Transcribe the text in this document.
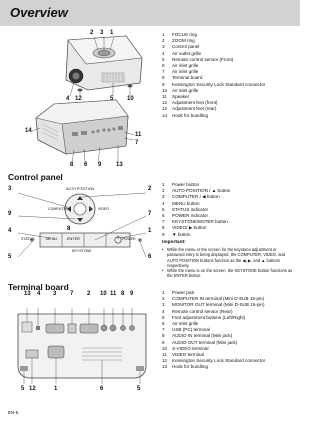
Overview
2 3 1
4 12	5 10
14
11
7
8 6 9 13
1 FOCUS ring
2 ZOOM ring
3 Control panel
4 Air outlet grille
5 Remote control sensor (Front)
6 Air inlet grille
7 Air inlet grille
8 Terminal board
9 Kensington Security Lock Standard connector
10 Air inlet grille
11 Speaker
12 Adjustment feet (front)
13 Adjustment feet (rear)
14 Hook for bundling
Control panel
AUTO POSITION
COMPUTER	VIDEO
STATUS	MENU	ENTER	POWER
KEYSTONE
3	2
9	7
4	1
5	6
8
1 Power button
2 AUTO POSITION / ▲ button
3 COMPUTER / ◀ button
4 MENU button
5 STATUS indicator
6 POWER indicator
7 KEYSTONE/ENTER button
8 VIDEO/ ▶ button
9 ▼ button
Important:
• While the menu or the screen for the keystone adjustment or password entry is being displayed, the COMPUTER, VIDEO, and AUTO POSITION buttons function as the ◀, ▶, and ▲ buttons respectively.
• While the menu is on the screen, the KEYSTONE button functions as the ENTER button.
Terminal board
13 4 3 7 2 10 11 8 9
5 12	1	6	5
1 Power jack
2 COMPUTER IN terminal (Mini D-SUB 15-pin)
3 MONITOR OUT terminal (Mini D-SUB 15-pin)
4 Remote control sensor (Rear)
5 Foot adjustment buttons (Left/Right)
6 Air inlet grille
7 USB (PC) terminal
8 AUDIO IN terminal (Mini jack)
9 AUDIO OUT terminal (Mini jack)
10 S-VIDEO terminal
11 VIDEO terminal
12 Kensington Security Lock Standard connector
13 Hook for bundling
EN-6
